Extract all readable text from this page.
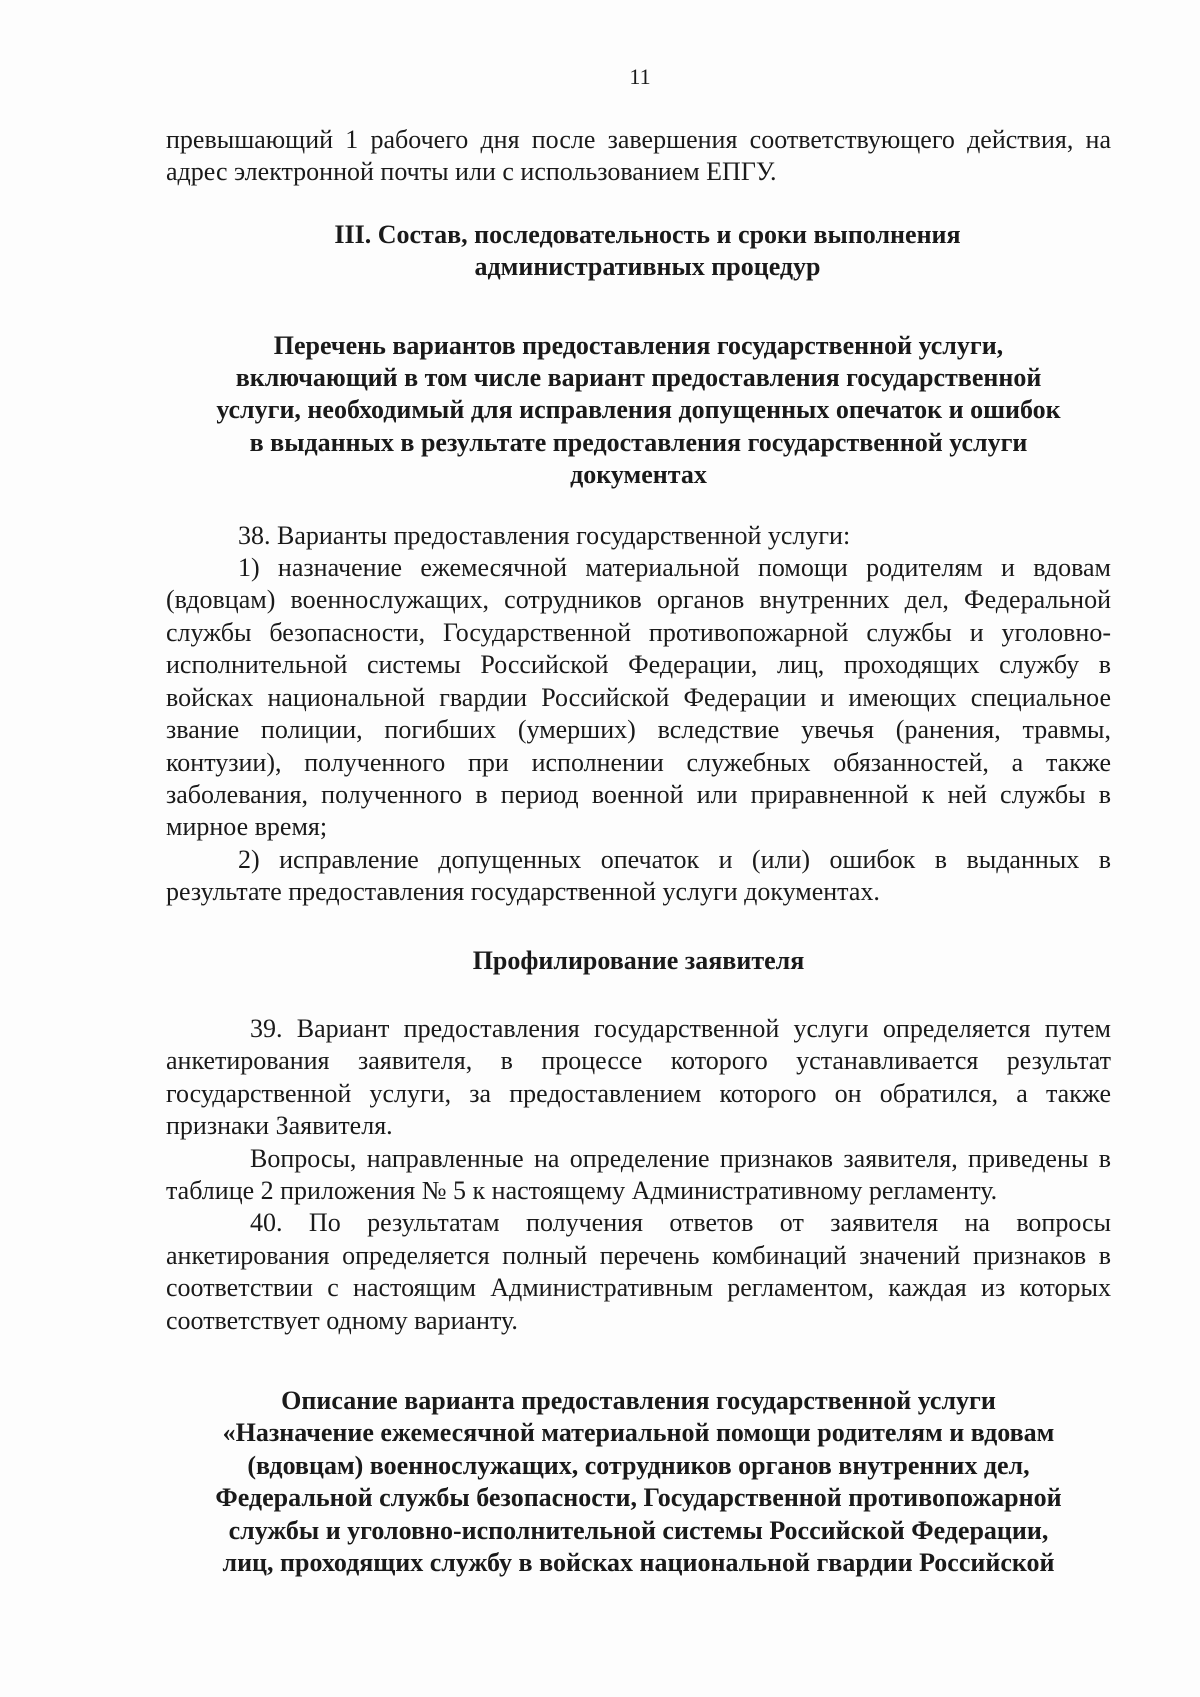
11

превышающий 1 рабочего дня после завершения соответствующего действия, на адрес электронной почты или с использованием ЕПГУ.

III. Состав, последовательность и сроки выполнения
административных процедур
Перечень вариантов предоставления государственной услуги,
включающий в том числе вариант предоставления государственной
услуги, необходимый для исправления допущенных опечаток и ошибок
в выданных в результате предоставления государственной услуги
документах

38. Варианты предоставления государственной услуги:

1) назначение ежемесячной материальной помощи родителям и вдовам (вдовцам) военнослужащих, сотрудников органов внутренних дел, Федеральной службы безопасности, Государственной противопожарной службы и уголовно-исполнительной системы Российской Федерации, лиц, проходящих службу в войсках национальной гвардии Российской Федерации и имеющих специальное звание полиции, погибших (умерших) вследствие увечья (ранения, травмы, контузии), полученного при исполнении служебных обязанностей, а также заболевания, полученного в период военной или приравненной к ней службы в мирное время;

2) исправление допущенных опечаток и (или) ошибок в выданных в результате предоставления государственной услуги документах.

Профилирование заявителя

39. Вариант предоставления государственной услуги определяется путем анкетирования заявителя, в процессе которого устанавливается результат государственной услуги, за предоставлением которого он обратился, а также признаки Заявителя.

Вопросы, направленные на определение признаков заявителя, приведены в таблице 2 приложения № 5 к настоящему Административному регламенту.

40. По результатам получения ответов от заявителя на вопросы анкетирования определяется полный перечень комбинаций значений признаков в соответствии с настоящим Административным регламентом, каждая из которых соответствует одному варианту.

Описание варианта предоставления государственной услуги
«Назначение ежемесячной материальной помощи родителям и вдовам
(вдовцам) военнослужащих, сотрудников органов внутренних дел,
Федеральной службы безопасности, Государственной противопожарной
службы и уголовно-исполнительной системы Российской Федерации,
лиц, проходящих службу в войсках национальной гвардии Российской
